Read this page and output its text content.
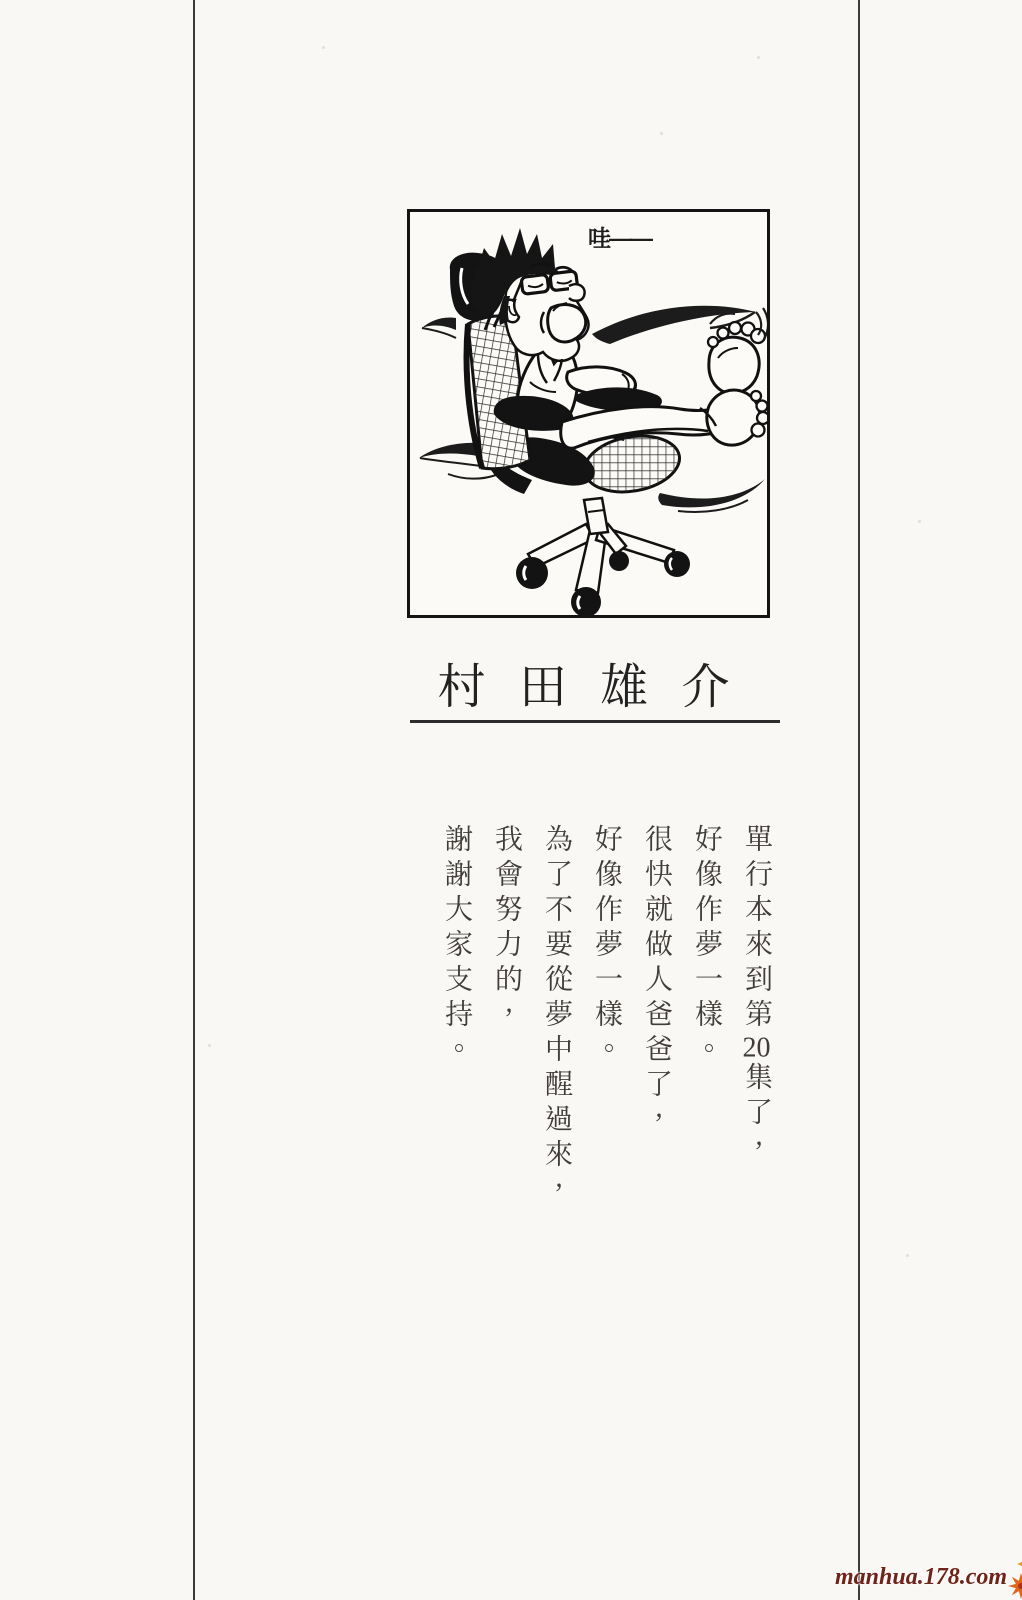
哇——
村 田 雄 介

單行本來到第20集了，

好像作夢一樣。

很快就做人爸爸了，

好像作夢一樣。

為了不要從夢中醒過來，

我會努力的，

謝謝大家支持。

manhua.178.com
